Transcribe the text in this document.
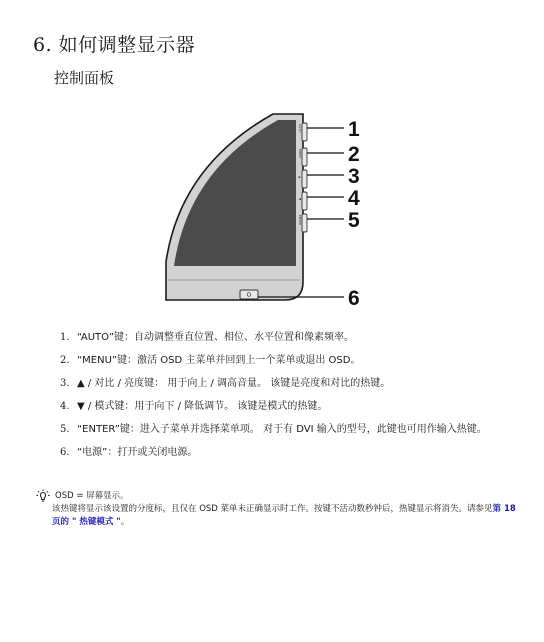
6. 如何调整显示器
控制面板
AUTO
MENU
▲
▼
ENTER
1
2
3
4
5
6
1. “AUTO”键：自动调整垂直位置、相位、水平位置和像素频率。
2. “MENU”键：激活 OSD 主菜单并回到上一个菜单或退出 OSD。
3. ▲ / 对比 / 亮度键： 用于向上 / 调高音量。 该键是亮度和对比的热键。
4. ▼ / 模式键：用于向下 / 降低调节。 该键是模式的热键。
5. “ENTER”键：进入子菜单并选择菜单项。 对于有 DVI 输入的型号，此键也可用作输入热键。
6. “电源”：打开或关闭电源。
OSD = 屏幕显示。
该热键将显示该设置的分度标，且仅在 OSD 菜单未正确显示时工作。按键不活动数秒钟后，热键显示将消失。请参见第 18 页的 " 热键模式 "。
